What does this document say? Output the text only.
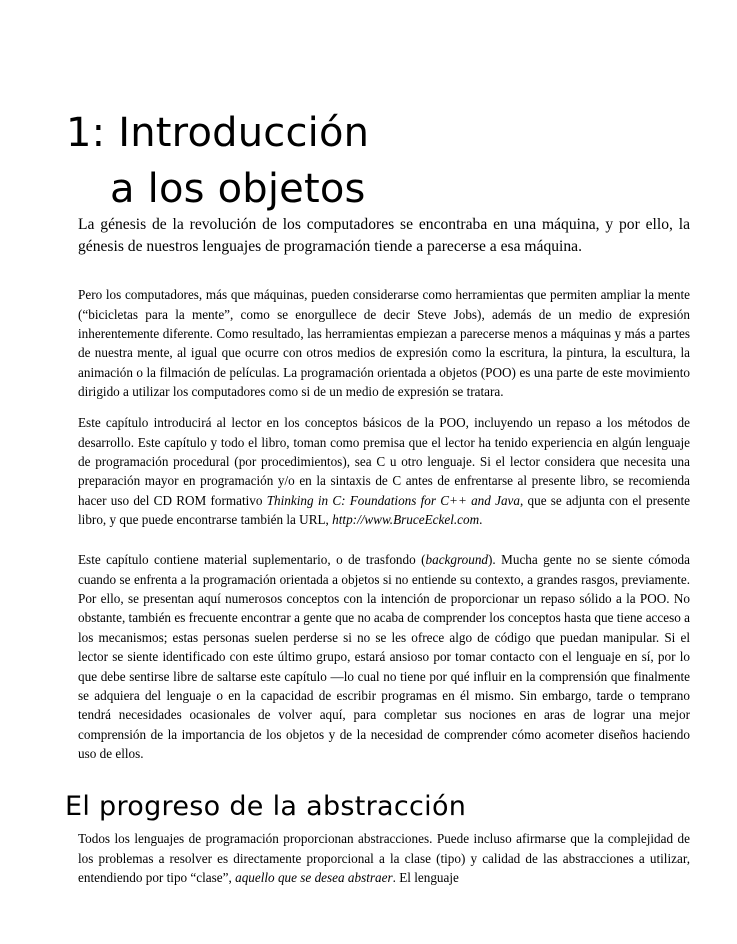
1: Introducción
a los objetos

La génesis de la revolución de los computadores se encontraba en una máquina, y por ello, la génesis de nuestros lenguajes de programación tiende a parecerse a esa máquina.

Pero los computadores, más que máquinas, pueden considerarse como herramientas que permiten ampliar la mente (“bicicletas para la mente”, como se enorgullece de decir Steve Jobs), además de un medio de expresión inherentemente diferente. Como resultado, las herramientas empiezan a parecerse menos a máquinas y más a partes de nuestra mente, al igual que ocurre con otros medios de expresión como la escritura, la pintura, la escultura, la animación o la filmación de películas. La programación orientada a objetos (POO) es una parte de este movimiento dirigido a utilizar los computadores como si de un medio de expresión se tratara.

Este capítulo introducirá al lector en los conceptos básicos de la POO, incluyendo un repaso a los métodos de desarrollo. Este capítulo y todo el libro, toman como premisa que el lector ha tenido experiencia en algún lenguaje de programación procedural (por procedimientos), sea C u otro lenguaje. Si el lector considera que necesita una preparación mayor en programación y/o en la sintaxis de C antes de enfrentarse al presente libro, se recomienda hacer uso del CD ROM formativo Thinking in C: Foundations for C++ and Java, que se adjunta con el presente libro, y que puede encontrarse también la URL, http://www.BruceEckel.com.

Este capítulo contiene material suplementario, o de trasfondo (background). Mucha gente no se siente cómoda cuando se enfrenta a la programación orientada a objetos si no entiende su contexto, a grandes rasgos, previamente. Por ello, se presentan aquí numerosos conceptos con la intención de proporcionar un repaso sólido a la POO. No obstante, también es frecuente encontrar a gente que no acaba de comprender los conceptos hasta que tiene acceso a los mecanismos; estas personas suelen perderse si no se les ofrece algo de código que puedan manipular. Si el lector se siente identificado con este último grupo, estará ansioso por tomar contacto con el lenguaje en sí, por lo que debe sentirse libre de saltarse este capítulo —lo cual no tiene por qué influir en la comprensión que finalmente se adquiera del lenguaje o en la capacidad de escribir programas en él mismo. Sin embargo, tarde o temprano tendrá necesidades ocasionales de volver aquí, para completar sus nociones en aras de lograr una mejor comprensión de la importancia de los objetos y de la necesidad de comprender cómo acometer diseños haciendo uso de ellos.

El progreso de la abstracción

Todos los lenguajes de programación proporcionan abstracciones. Puede incluso afirmarse que la complejidad de los problemas a resolver es directamente proporcional a la clase (tipo) y calidad de las abstracciones a utilizar, entendiendo por tipo “clase”, aquello que se desea abstraer. El lenguaje
